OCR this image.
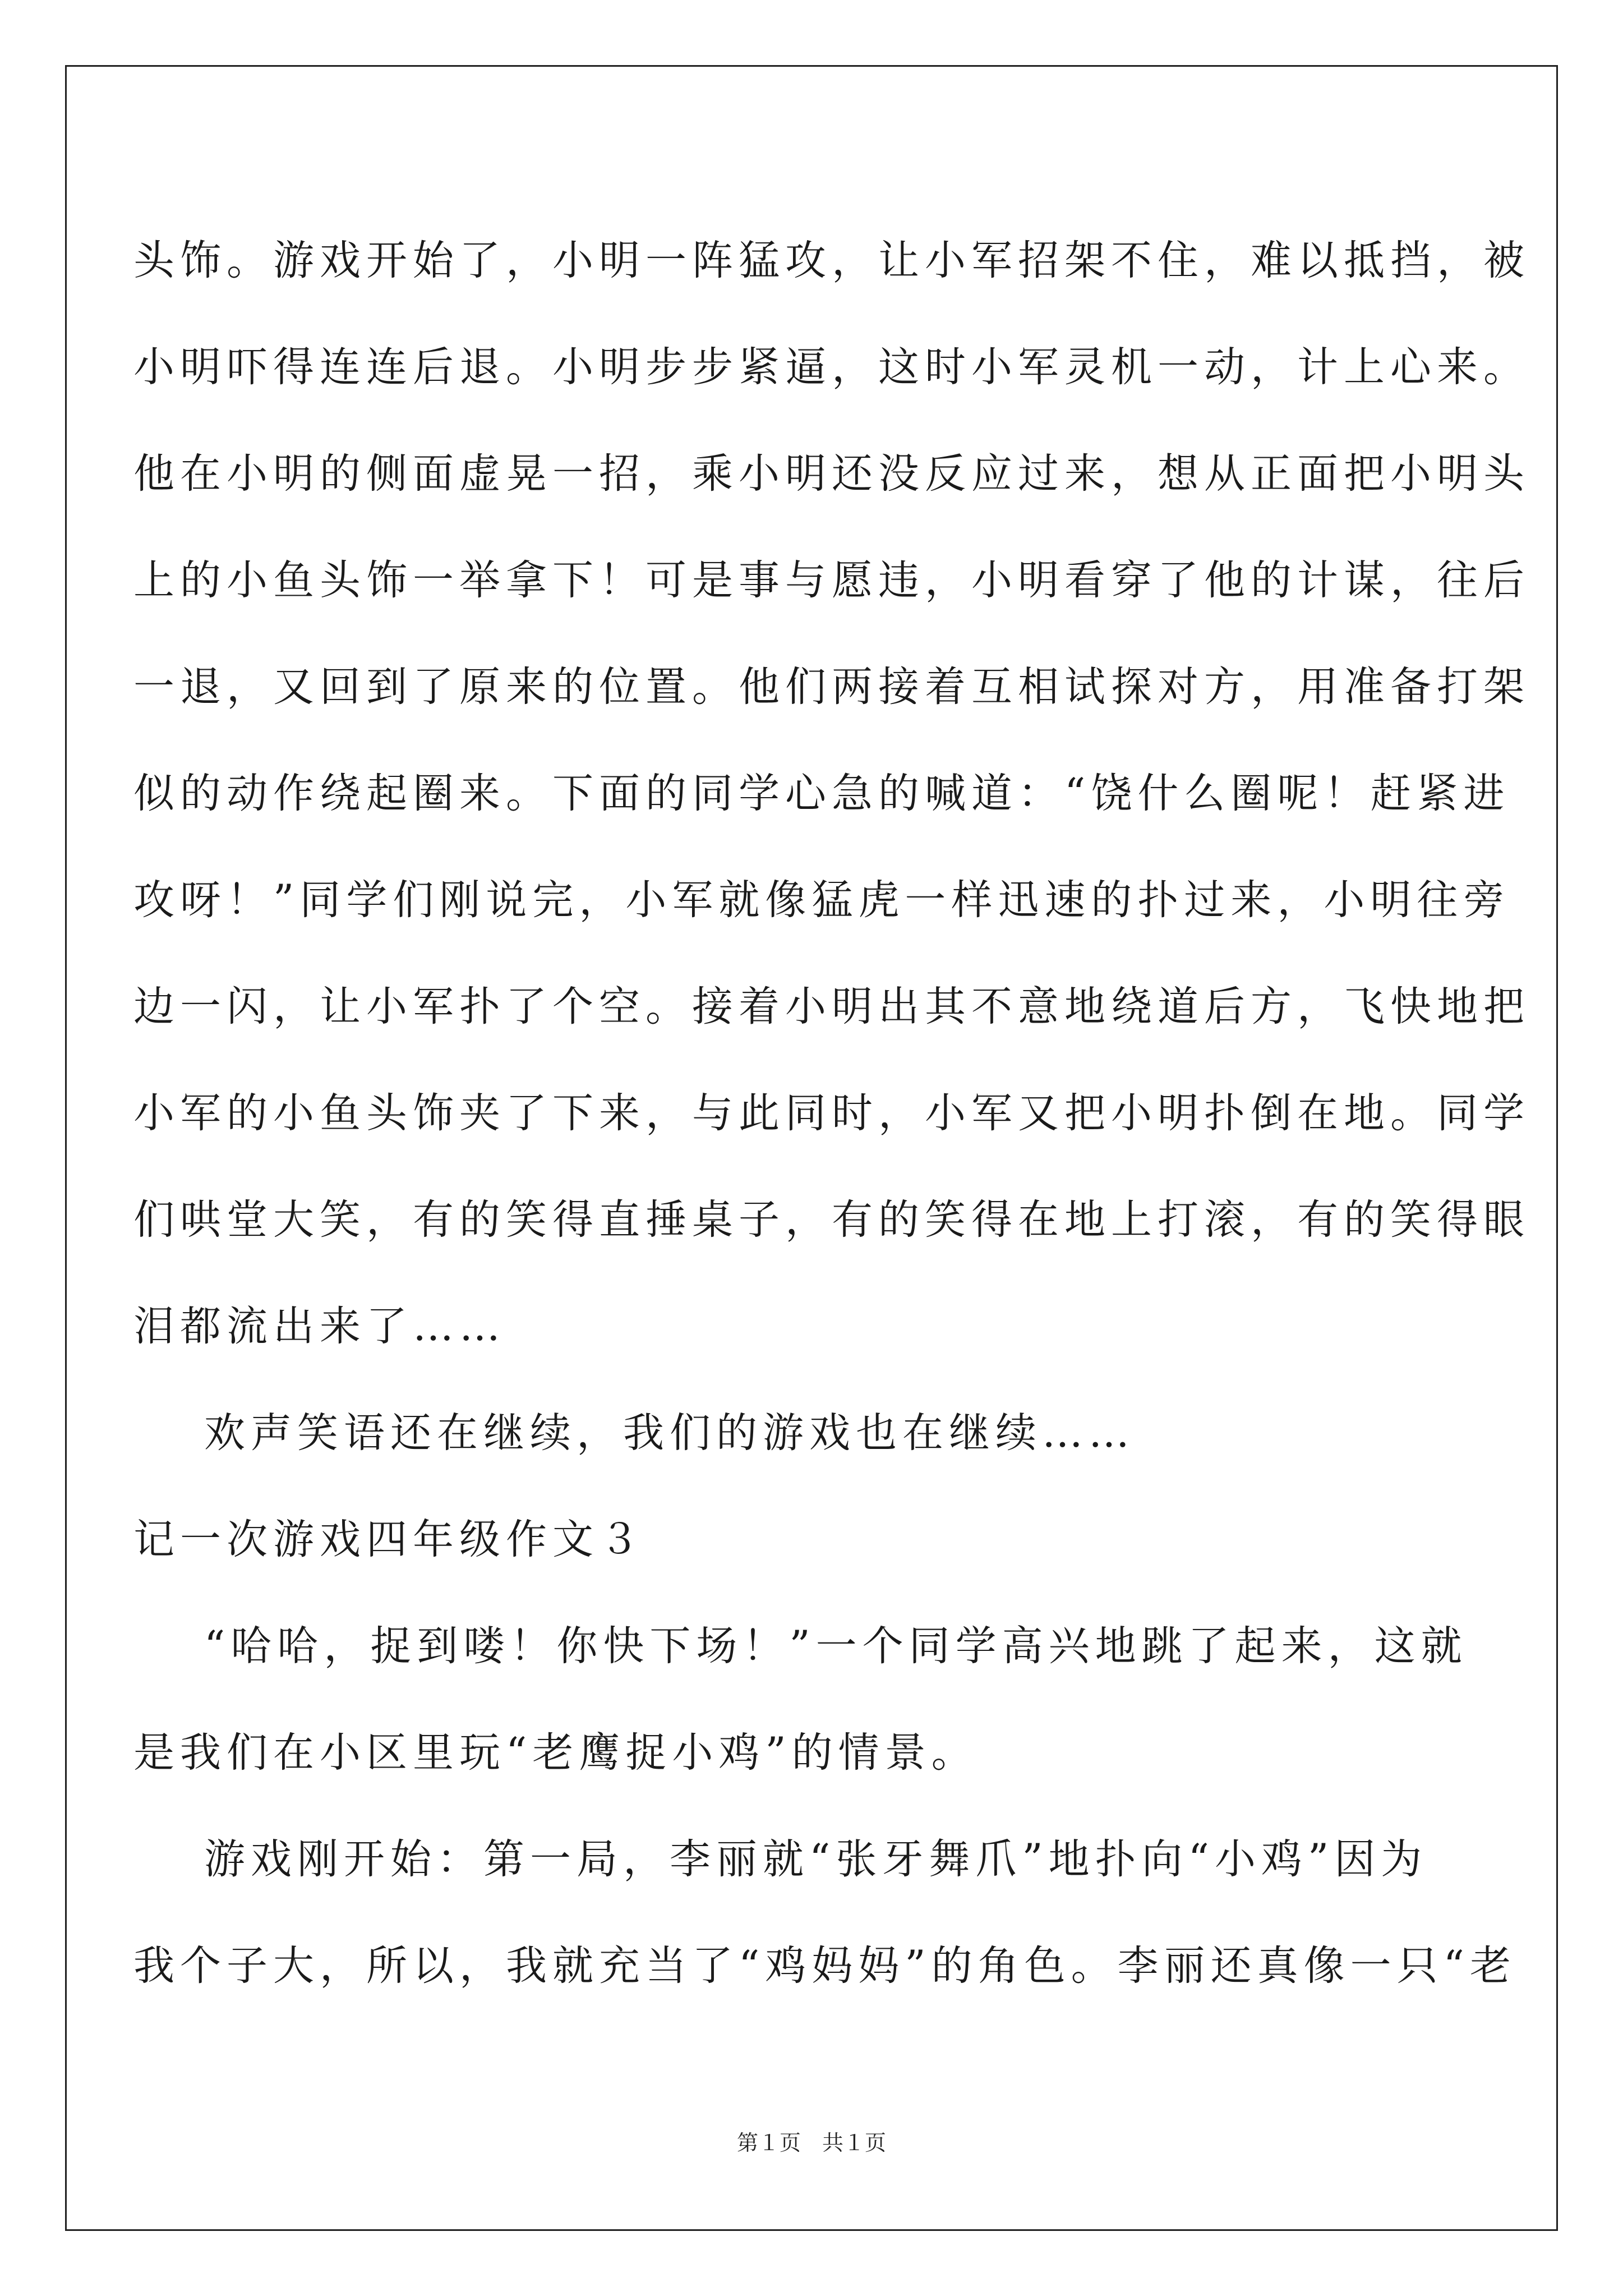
头饰。游戏开始了，小明一阵猛攻，让小军招架不住，难以抵挡，被
小明吓得连连后退。小明步步紧逼，这时小军灵机一动，计上心来。
他在小明的侧面虚晃一招，乘小明还没反应过来，想从正面把小明头
上的小鱼头饰一举拿下！可是事与愿违，小明看穿了他的计谋，往后
一退，又回到了原来的位置。他们两接着互相试探对方，用准备打架
似的动作绕起圈来。下面的同学心急的喊道：“饶什么圈呢！赶紧进
攻呀！”同学们刚说完，小军就像猛虎一样迅速的扑过来，小明往旁
边一闪，让小军扑了个空。接着小明出其不意地绕道后方，飞快地把
小军的小鱼头饰夹了下来，与此同时，小军又把小明扑倒在地。同学
们哄堂大笑，有的笑得直捶桌子，有的笑得在地上打滚，有的笑得眼
泪都流出来了……
欢声笑语还在继续，我们的游戏也在继续……
记一次游戏四年级作文３
“哈哈，捉到喽！你快下场！”一个同学高兴地跳了起来，这就
是我们在小区里玩“老鹰捉小鸡”的情景。
游戏刚开始：第一局，李丽就“张牙舞爪”地扑向“小鸡”因为
我个子大，所以，我就充当了“鸡妈妈”的角色。李丽还真像一只“老
第１页　共１页
